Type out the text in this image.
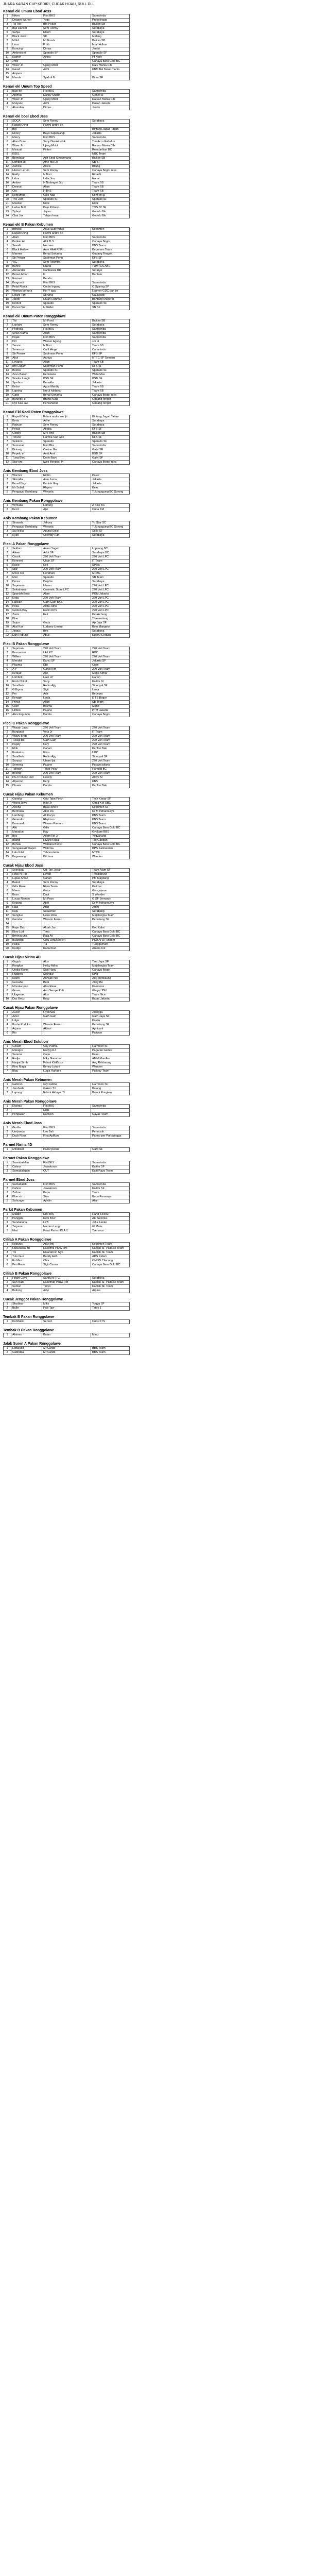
JUARA KARAN CUP KEDIRI, CUCAK HIJAU, RULL DLL
Kenari ekl umum Ebod Jess
1	Niken	Fikri BKS	Samarinda
2	Dragon Warrior	Yoga	Probolinggo
3	Tik Tok	BM Peace	Balitkn SB
4	Bali Dancer	Sem Ronny	Surabaya
5	Sahja	Rlanh	Surabaya
6	Black Jack	SK	Malang
7	Mbbl	Mr Funds	Balitkn SB
8	Lima	P bib	Imah Adhan
9	Kuncing	Dimas	Jambi
10	Ambroisier	Sparatlo SF	Sparatlo SF
11	Kaimin	Ajhna	Pt Nocy
12	Jhfix		Cahaya Baru Gold BC
13	Wiser Jr	Ujang Mobil	Ratu Mania Cibi
14	Gaval	Adhi	KBM BH Nusal mania
15	Ampera		
16	Manda	Syafrul N	Bima SF
Kenari ekl Umum Top Speed
1	Baci Bo	Fiki BKS	Samarinda
2	Aromat	Danny Studio	Gebel SF
3	Wiser Jr	Ujang Mobil	Ratuan Mania Cibi
4	Mulyano	Adhi	Dusah Jakarta
5	Abundan	Dimas	Jambi
Kenari ekl bosl Ebod Jess
1	SOCA	Sem Ronny	Surabaya
2	Rapatl Oling	Fahmi andre on	
3	Big		Bintang Jagad Tatam
4	Ebony	Bayu Sapanjangi	Jakarta
5	Marcy	Fikri BKS	Samarinda
6	Alam Buna	Sany Diwaki toluk	Tim Accu Fahrdun
7	Wiser Jr	Ujang Mobil	Ratuan Mania Cibi
8	Mixtuali	Pinteri	Reindarlkan BC
9	ESEL		NBC Team
10	Bbrndalar	Adit Sindi Simanmang	Balitkn SB
11	Lombof Jo	Ame Mu Lo	SB SF
12	Zamilia	Adica	Bitung
13	Hiener Lerum	Sem Ronny	Cahaya Bogor raya
14	Raldy	H Bisri	Rinaldi
15	Lidna	Lidia Jun	Hanal
16	Amber	H Nofangwi Jitk	Team SB
17	Donnat	Alam	Team SB
18	Ola	H BnS	Team SB
19	Kopramus	Gise Nas	Komjen SF
20	The Jam	Sparatlo SF	Sparatlo SF
21	Mastiun	Erick	Erick
22	Ledas Bull	Pujo Pribano	TOS 32 SF
23	Tiplesi	Jayan	Gedelu Blo
24	Chai Jar	Tahjan Irwan	Gedelu Blo
Kenari ekl B Pakan Kebumen
1	Brthors	Agus Supriyangi	Kebumen
2	Rapatl Oling	Fahmi andre on	
3	Alam	Fikri BKS	Samarinda
4	Bunker Al	Aldi TLS	Cahaya Bogor
5	Savalti	Hermen	BBS Team
6	Black Hollow	Arov HAH RNRI	Kebumen Team
7	Marmer	Benal Soharita	Gudang Tengok
8	Sb Perusr	Sudirman Pohn	KFS SF
9	VIG	Sem Rowntra	Surabaya
10	Bunne	Rizzal	TUMTCS ABC
11	Alexander	Cahbarani BD	Suraryo
12	Brown Moor	Iil	Bantam
13	Fantasi	Benda	
14	Burgundi	Fikri BKS	Samarinda
15	Pelat Roola	Cortin Ingang	O Syaring SF
16	Wenlyn bertuna	Rin Y aga	Lonmer GDC dak bn
17	Lolaro Tan	Sbrutha	Naukewdl
18	Jantor	Ervan Rahman	Bontang Mugerid
19	Kroboll	Sparatlo	Sparatlo SF
20	Paruvi Sur	H Gilder	SB SF
Kenari ekl Umum Paten Ronggolawe
1	Tiki	Mr Fond	Balitkn SB
2	Lantam	Sem Ronny	Surabaya
3	Pedrosa	Fiki BKS	Samarinda
4	Sinut Arama	Alam	Samarinda
5	Pujak	Fikri BKS	Samarinda
6	DO	Winner Agung	sm at
7	Terano	H Bisri	Team SB
8	Sonesuo	Cahl Hinge	Cahanindo
9	Sb Perusr	Sudirman Pohn	KFS SF
10	Abul	Aaniya	NTTC SF Semeru
11	Lovaros	Alam	Team SB
12	Bro Lugam	Sudirman Pohn	KFS SF
13	Bostox	Sparatlo SF	Sparatlo SF
14	Zeus Bacon	Kemalana	Wetu Mas
15	Smoke Langit	BSB SF	BSB SF
16	Symbus	Benalda	Jakarta
17	Kelso	Agus Mardiy	Team SB
18	Lapring	Nurul Ivildanar	Team SB
19	Gatoj	Benal Soharita	Cahaya Bogor raya
20	Burung Fe	Brand Kuda	Gudang tengor
21	Nyc Kas Jak	Pervarwood	Gudang tengor
Kenari Ekl Kecil Paten Ronggolawe
1	Rapatl Oling	Fahmi andre sre ljti	Bintang Jagad Tatam
2	Keria	Adhe	Surabaya
3	Rabuan	Sem Ronny	Surabaya
4	Pekuk	Ahaha	KFS SF
5	Gotsnl	Mr Fond	Balitkn SB
6	Terano	Hamna Salf Goe	KFS SF
7	Selekos	Sparatlo	Sparatlo SF
8	Sumunar	Fikri Bks	Samarinda
9	Bintang	Casino Grs	Galyl SF
10	Pepelu ef	Amit Amit	BSB SF
11	Tung Bloc	Dedy Bayo	Galyl SF
12	Star bro	Iwek Bongkar I4	Cahaya Bogor raya
Anis Kembang Ebod Joss
1	Wacnor	Ridho	Paleir
2	Skinnilla	Asm Juma	Jakarta
3	Kenal Bisy	Bantah Guy	Jakarta
4	Mr Subali	Rhymo	Kelu
5	Pengayar Kumbang	Wiyanta	Tulungagung BC Sorong
Anis Kembang Pakan Ronggolawe
1	Wrmalia	Lalrang	A Slok BC
2	Kecil	Ajie	Cuba KM
Anis Kembang Pakan Kebumen
1	Strawala	Jakony	Yo Star SC
2	Pengayar Kumbang	Wiyanta	Tulungagung BC Sorong
3	Sai Nikko	Agung Sollo	Sollo SF
4	Kyari	Ullfendy Han	Surabaya
Pleci A Pakan Ronggolawe
1	Seldom	Anton Yagel	Lopitang BC
2	Aileen	Adot SF	Surabaya BC
3	Cocok	220 Volt Team	220 Volt LPC
4	Konnexi	Ulaar SF	IT Team
5	Kacio	Eeli	SiNas
6	Star	220 Volt Team	220 Volt LPC
7	Move On	Hendrian	MPBG
8	Meri	Sparatlo	SB Team
9	Dorsa	Dolphin	Surabaya
10	Supersun	Ichsan	220 Volt LPC
11	Sokatnusah	Cosmetic Store LPC	220 Volt LPC
12	Spanish Boss	Alam	PGM Jakarta
13	Evita	220 Volt Team	220 Volt LPC
14	Raksan	Gath Gain BKS	220 Volt LPC
15	Poka	Adlta Juhu	220 Volt LPC
16	Golden Boy	Robiri KPS	220 Volt LPC
17	Zanis	Eeli	Ketakchung
18	Blue		Thanandang
19	Sujun	Gudy	Ajk Jaja SF
20	Aksi Kar	Ludamy Limeut	Bolo Mangeto
21	Jingus	Bos	Surabaya
22	Dan Hobung	Abuk	Kutoru Gedung
Pleci B Pakan Ronggolawe
1	Suprisan	220 Volt Team	220 Volt Team
2	Pesmaster	LA LPC	RBC
3	Willem	220 Volt Team	220 Volt Team
4	Mendet	Kanci SF	Jakarta SF
5	Plasma	KBI	Cibin
6	A Y	Ganis Kim	220 Volt Team
7	Kerajur	Ajie	Mega Kimar
8	Lombok	Haio LP	Harion
9	Rock N Roll	Sony	Kaltim NI
10	Sandfrets	Robin Ajig	Sidonyal SF
11	G Bryna	Sigit	Linaa
12	Pro	Adir	Bebeyra
13	Kenaph	Linda	E TS Bogor
14	Prince	Alam	SB Team
15	Gisin	Irasma	Mario
16	Hitboo	Pajane	PTM Jakarta
17	Alex Fegunon	Damta	Cahaya Bogor
Pleci C Pakan Ronggolawe
1	Wayah Jawo	220 Volt Team	220 Volt Team
2	Burgandi	Vera Jr	IT Team
3	Wawy Brap	220 Volt Team	220 Volt Team
4	Turaja Bo	Gath Gain	220 Volt Team
5	Papdy	Fery	220 Volt Team
6	Elrik	Cahari	Kenfon Bak
7	Krakatus	Fikra	UBC
8	Sandfrets	Robin Ajig	Sidonyal SF
9	Sanyup	Ubam Ijat	220 Volt Team
10	Semeng	Pajane	Pubwo jakarta
11	Tahrow	Tahdi Pojar	Hamdid BC
12	Bolong	220 Volt Team	220 Volt Team
13	PCJ Pencari Jud	Heksty	Alove SI
14	Alpacino	Kenji	KBS
15	Dhuarr	Damta	Kenfon Bak
Cucak Hijau Pakan Kebumen
1	Goneka	Grid Tahn Pinch	Tech Kenar SF
2	Wong Jowo	Inbe Jr	Goba KM UBC
3	Aviona	Bayu Shore	Kebumen SF
4	Bermusa	Abel Div	Dr M Indrannurys
5	Lamborg	Ali Karyo	BBS Team
6	Gerendo	Rhyimoo	BBS Team
7	Bommado	Wawan Pantura	BBS Team
8	Alki	Gdiv	Cahaya Baru Gold BC
9	Maradun	Ray	Gyokam BBS
10	Bos	Adam Ilie Jr	Yogyakarta
11	Bilang	Rlvard Kuda	Tak Gadgah
12	Bonsai	Wahana Bunyil	Cahaya Baru Gold BC
13	Sungaku Air Kapor	Wahmia	BPS Kalimantan
14	Lalu Kilat	Tahnno Hore	NTCF
15	Bagawang	Bi Umar	Wanden
Cucak Hijau Ebod Joss
1	Scorlabal	Udi Tan Jebah	Team Alam SF
2	Rock N Roll	Lavari	Tinalbanyar
3	Lupas Aman	Cahan	PM Magilang
4	Bakuit	Sem Ronny	Surabaya
5	Gdiv Rose	Riam Team	Kalimar
6	Maen	Gurur	Giss jajaran
7	Buso	Dapt	S Wonder
8	Lucas Rambo	Mr Poyo	G SF Semarun
9	Kopang	Abel	Dr M Indrannurys
10	Raja	Afan	Jimni
11	Kuju	Sulaeman	Surabang
12	Sunglue	Heku Rima	Majalengka Team
13	Gamdar	Winarto Ferrari	Pemalang SF
14			
15	Rajar Dab	Afuah Jun	Kod Kalat
16	Ebro Lud	Tima	Cahaya Baru Gold BC
17	Brrnhauuna	Raja Ali	Cahaya Baru Gold BC
18	Balandut	Cipu Lonuk beleri	PSD Ar a Fundoar
19	Pazia	Tia	Tunggalmah
20	Kudijio	Kadarman	Arabia Kot
Cucak Hijau Nirina 4D
1	Gugub	Alus	Tam Jaya SF
2	Rongkar	Heiky Adha	Majalengka Team
3	Undial Kumo	Sigit Hany	Cahaya Bogor
4	Rudowo	Sleindur	KPR
5	Kidon	Adhsan Nei	Aug Rehbaung
6	Gresaha	Budi	Jilaty Bo
7	Moruka Ipan	Alas Raaa	Kofonnas
8	Gosar	Aan Sempe Pati	Glagal JBN
9	Ulugenar	Alus	Team Nice
10	Duz Bedz	Buyy	Batas Jakarta
Cucak Hijau Pakan Ronggolawe
1	Zucch	Hyonnaki	Jilengga
2	Aziel	Gath Gain	Gam Jaya SF
3	Ldiye		Kokila
4	Purbe Kudoka	Winarto Ferrari	Pemalang SF
5	Arjuna	Akhari	Agnicant
6	Rio		Pujiwan
Anis Merah Ebod Solution
1	Goliath	Griy Patma	Harmoen SF
2	Maragro	Rodyg RJ	Pagaran Gedee
3	Sarama	Capu	Kainu
4	Radja	Miky Gonoom	AMM Mamlkur
5	Nanjai Sirrih	Fahmi KhiKdzor	Aug Rehbaung
6	Rino Maya	Benny Lotani	Wenden
7	Blau	Luqia Harfaee	Pulidoy Team
Anis Merah Pakan Kebumen
1	Gahirun	Gry Fatima	Harmoon SF
2	Jaruhada	Gakon TJ	Balang
3	Lapong	Fahmi Hidayat TI	Bulupi Rongkuy
Anis Merah Pakan Ronggolawe
1	Ekstrak	Fiki BKS	Samarinda
2		Kiau	
3	Pengasan	Kamilon	Gayas Team
Anis Merah Ebod Joss
1	Gorilla	Fikri BKS	Samarinda
2	Umbanda	Leo Bali	Pemasuk
3	Duck Rooz	Fina Aplikan	Pamar per Purbalingga
Parmet Nirina 4D
1	Mindokar	Pasor peens	Galyl SF
Parmet Pakan Ronggolawe
1	Samabalalan	Fiki BKS	Samarinda
2	Cahrar	Jewakorun	Kaltim SF
3	Samabalagan	CUT	Kalfi Raya Team
Parmet Ebod Joss
1	Samabalaki	Fikri BKS	Samarinda
2	Cahrar	Jewakorun	Kaltim SF
3	Zaihoo	Kapa	Team
4	Blue nb	Siva	Bubu Parasaya
5	Sahunger	Ayhtiin	Alian
Parkit Pakan Kebumen
1	Mlatah	Dhe Boy	Hand Selecur
2	Pangjalu	Deoi Bow	Akr Sekotus
3	Sundabuna	LPB	Jalur Lanter
4	Teryana	Harrion Lang	Gl Mala
5	Nisri	Fauzi Parin - KLA Y	Taemnoo
Cililab A Pakan Ronggolawe
1	Kopunis	Adyi Ilmi	Kebumen Team
2	Rusunawa Blt	Kakomni Pahw RM	Kaplak SF Palbuss Team
3	Tis	Rikaraiti sn Nyo	Kaplak SF Team
4	Tulo Guo	Buddy Asih	ADS Kidam
5	Es Mas	Chor	OMON Cilacang
6	Peri Roon	Sigit Carma	Cahaya Baru Gold BC
Cililab B Pakan Ronggolawe
1	Hitam Coyo	Sandu NTTC	Surabaya
2	Sun Nadi	Kakefihat Pahw RM	Kaplak SF Palbuss Team
3	Sumar	Tsoyo	Kaplak SF Team
4	Boitong	Adyi	Arjuna
Cucak Jenggot Pakan Ronggolawe
1	Skuditoo	Mikk	Yogya SF
2	Bullo	Falil Taw	Tatos 1
Tembak B Pakan Ronggolawe
1	Kumbalo	Sersen	Cuas KTS
Tembak B Pakan Ronggolawe
1	Abinmo	Balao	Miniz
Jalak Suren A Pakan Ronggolawe
1	Lattakuta	Mr Candil	BBS Team
2	Cabirdaa	Mr Candil	BBS Team
